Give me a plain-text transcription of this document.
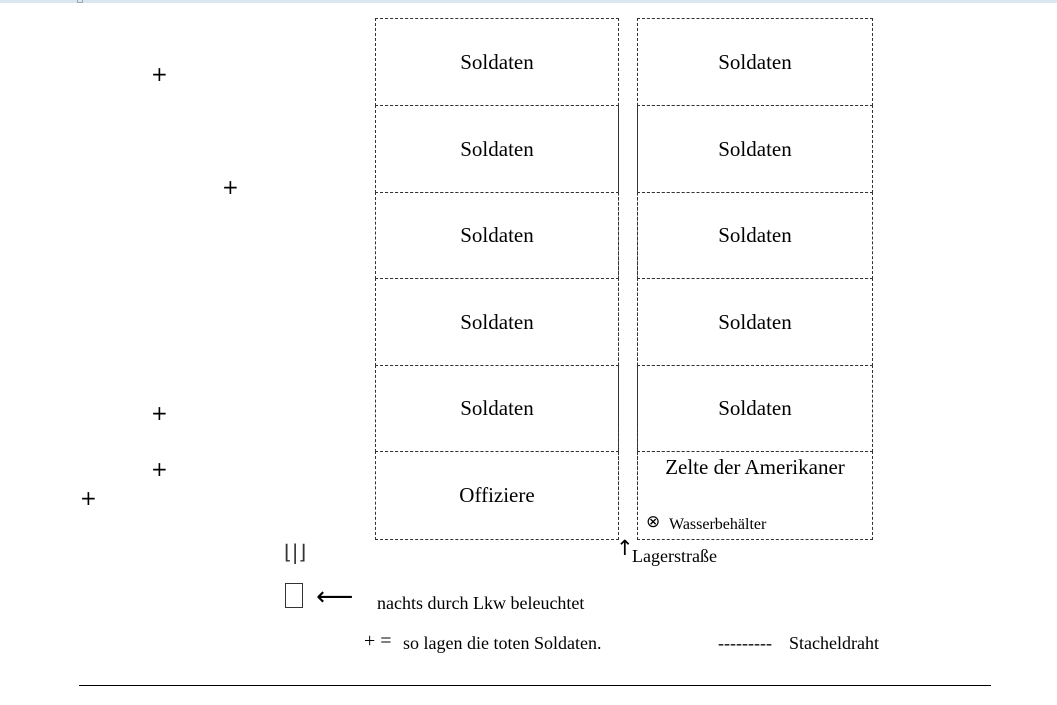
+
+
+
+
+
Soldaten
Soldaten
Soldaten
Soldaten
Soldaten
Offiziere
Soldaten
Soldaten
Soldaten
Soldaten
Soldaten
Zelte der Amerikaner
⊗ Wasserbehälter
↑
Lagerstraße
⌊|⌋
⟵ nachts durch Lkw beleuchtet
+ = so lagen die toten Soldaten.	--------- Stacheldraht
